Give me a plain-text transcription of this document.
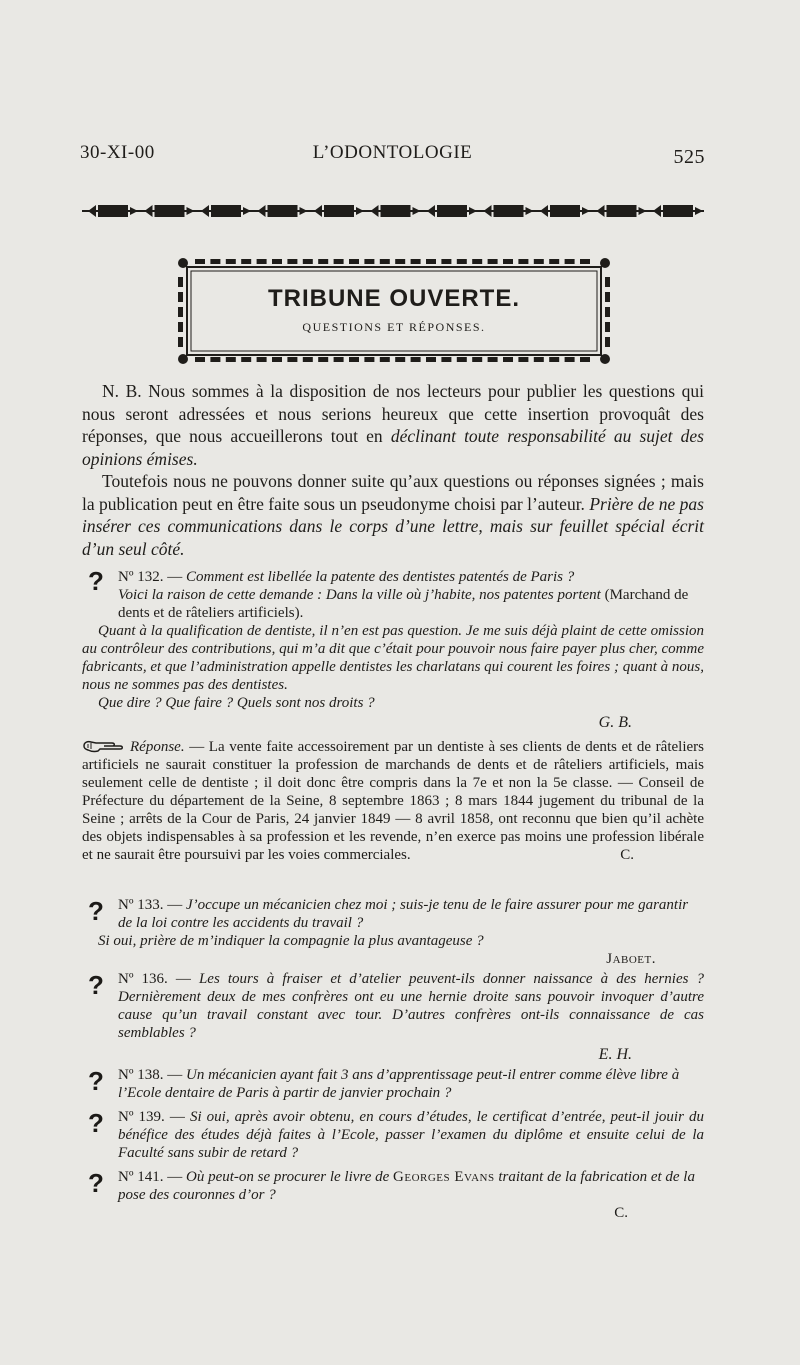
30-XI-00	L’ODONTOLOGIE	525
TRIBUNE OUVERTE.
QUESTIONS ET RÉPONSES.

N. B. Nous sommes à la disposition de nos lecteurs pour publier les questions qui nous seront adressées et nous serions heureux que cette insertion provoquât des réponses, que nous accueillerons tout en déclinant toute responsabilité au sujet des opinions émises.

Toutefois nous ne pouvons donner suite qu’aux questions ou réponses signées ; mais la publication peut en être faite sous un pseudonyme choisi par l’auteur. Prière de ne pas insérer ces communications dans le corps d’une lettre, mais sur feuillet spécial écrit d’un seul côté.

? Nº 132. — Comment est libellée la patente des dentistes patentés de Paris ?

Voici la raison de cette demande : Dans la ville où j’habite, nos patentes portent (Marchand de dents et de râteliers artificiels).

Quant à la qualification de dentiste, il n’en est pas question. Je me suis déjà plaint de cette omission au contrôleur des contributions, qui m’a dit que c’était pour pouvoir nous faire payer plus cher, comme fabricants, et que l’administration appelle dentistes les charlatans qui courent les foires ; quant à nous, nous ne sommes pas des dentistes.

Que dire ? Que faire ? Quels sont nos droits ?

G. B.

Réponse. — La vente faite accessoirement par un dentiste à ses clients de dents et de râteliers artificiels ne saurait constituer la profession de marchands de dents et de râteliers artificiels, mais seulement celle de dentiste ; il doit donc être compris dans la 7e et non la 5e classe. — Conseil de Préfecture du département de la Seine, 8 septembre 1863 ; 8 mars 1844 jugement du tribunal de la Seine ; arrêts de la Cour de Paris, 24 janvier 1849 — 8 avril 1858, ont reconnu que bien qu’il achète des objets indispensables à sa profession et les revende, n’en exerce pas moins une profession libérale et ne saurait être poursuivi par les voies commerciales.	C.

? Nº 133. — J’occupe un mécanicien chez moi ; suis-je tenu de le faire assurer pour me garantir de la loi contre les accidents du travail ?

Si oui, prière de m’indiquer la compagnie la plus avantageuse ?

Jaboet.

? Nº 136. — Les tours à fraiser et d’atelier peuvent-ils donner naissance à des hernies ? Dernièrement deux de mes confrères ont eu une hernie droite sans pouvoir invoquer d’autre cause qu’un travail constant avec tour. D’autres confrères ont-ils connaissance de cas semblables ?

E. H.

? Nº 138. — Un mécanicien ayant fait 3 ans d’apprentissage peut-il entrer comme élève libre à l’Ecole dentaire de Paris à partir de janvier prochain ?

? Nº 139. — Si oui, après avoir obtenu, en cours d’études, le certificat d’entrée, peut-il jouir du bénéfice des études déjà faites à l’Ecole, passer l’examen du diplôme et ensuite celui de la Faculté sans subir de retard ?

? Nº 141. — Où peut-on se procurer le livre de Georges Evans traitant de la fabrication et de la pose des couronnes d’or ?

C.
